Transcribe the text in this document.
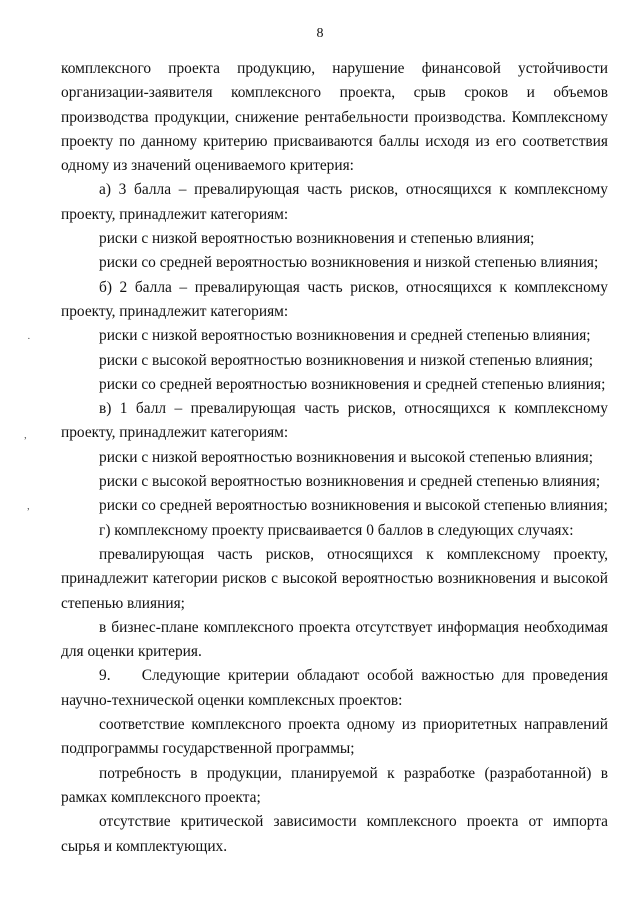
8
·
,
,

комплексного проекта продукцию, нарушение финансовой устойчивости организации-заявителя комплексного проекта, срыв сроков и объемов производства продукции, снижение рентабельности производства. Комплексному проекту по данному критерию присваиваются баллы исходя из его соответствия одному из значений оцениваемого критерия:

а) 3 балла – превалирующая часть рисков, относящихся к комплексному проекту, принадлежит категориям:

риски с низкой вероятностью возникновения и степенью влияния;

риски со средней вероятностью возникновения и низкой степенью влияния;

б) 2 балла – превалирующая часть рисков, относящихся к комплексному проекту, принадлежит категориям:

риски с низкой вероятностью возникновения и средней степенью влияния;

риски с высокой вероятностью возникновения и низкой степенью влияния;

риски со средней вероятностью возникновения и средней степенью влияния;

в) 1 балл – превалирующая часть рисков, относящихся к комплексному проекту, принадлежит категориям:

риски с низкой вероятностью возникновения и высокой степенью влияния;

риски с высокой вероятностью возникновения и средней степенью влияния;

риски со средней вероятностью возникновения и высокой степенью влияния;

г) комплексному проекту присваивается 0 баллов в следующих случаях:

превалирующая часть рисков, относящихся к комплексному проекту, принадлежит категории рисков с высокой вероятностью возникновения и высокой степенью влияния;

в бизнес-плане комплексного проекта отсутствует информация необходимая для оценки критерия.

9.    Следующие критерии обладают особой важностью для проведения научно-технической оценки комплексных проектов:

соответствие комплексного проекта одному из приоритетных направлений подпрограммы государственной программы;

потребность в продукции, планируемой к разработке (разработанной) в рамках комплексного проекта;

отсутствие критической зависимости комплексного проекта от импорта сырья и комплектующих.
